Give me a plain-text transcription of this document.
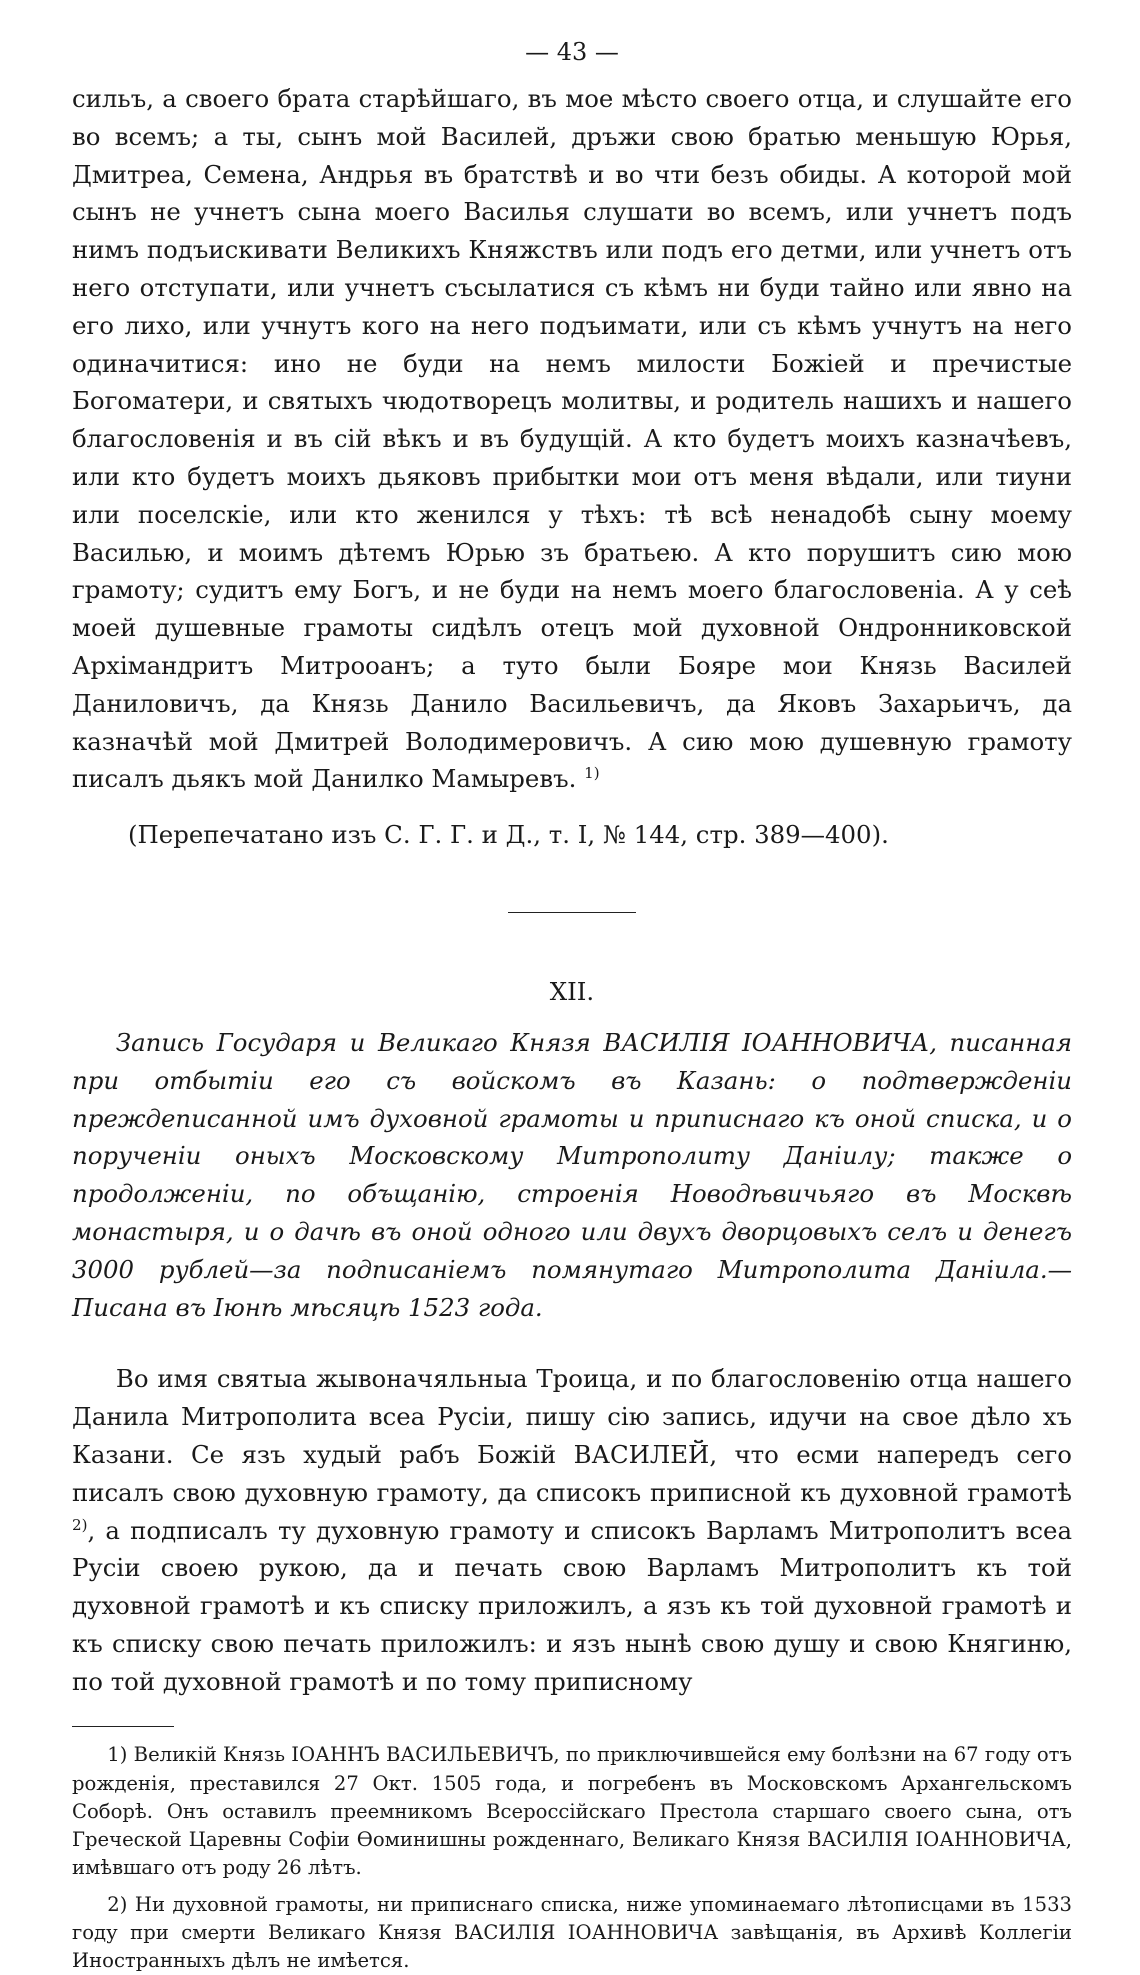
— 43 —

сильъ, а своего брата старѣйшаго, въ мое мѣсто своего отца, и слушайте его во всемъ; а ты, сынъ мой Василей, дръжи свою братью меньшую Юрья, Дмитреа, Семена, Андрья въ братствѣ и во чти безъ обиды. А которой мой сынъ не учнетъ сына моего Василья слушати во всемъ, или учнетъ подъ нимъ подъискивати Великихъ Княжствъ или подъ его детми, или учнетъ отъ него отступати, или учнетъ съсылатися съ кѣмъ ни буди тайно или явно на его лихо, или учнутъ кого на него подъимати, или съ кѣмъ учнутъ на него одиначитися: ино не буди на немъ милости Божіей и пречистые Богоматери, и святыхъ чюдотворецъ молитвы, и родитель нашихъ и нашего благословенія и въ сій вѣкъ и въ будущій. А кто будетъ моихъ казначѣевъ, или кто будетъ моихъ дьяковъ прибытки мои отъ меня вѣдали, или тиуни или поселскіе, или кто женился у тѣхъ: тѣ всѣ ненадобѣ сыну моему Василью, и моимъ дѣтемъ Юрью зъ братьею. А кто порушитъ сию мою грамоту; судитъ ему Богъ, и не буди на немъ моего благословеніа. А у сеѣ моей душевные грамоты сидѣлъ отецъ мой духовной Ондронниковской Архімандритъ Митрооанъ; а туто были Бояре мои Князь Василей Даниловичъ, да Князь Данило Васильевичъ, да Яковъ Захарьичъ, да казначѣй мой Дмитрей Володимеровичъ. А сию мою душевную грамоту писалъ дьякъ мой Данилко Мамыревъ. $^{1)}$

(Перепечатано изъ С. Г. Г. и Д., т. I, № 144, стр. 389—400).
XII.

Запись Государя и Великаго Князя ВАСИЛІЯ ІОАННОВИЧА, писанная при отбытіи его съ войскомъ въ Казань: о подтвержденіи преждеписанной имъ духовной грамоты и приписнаго къ оной списка, и о порученіи оныхъ Московскому Митрополиту Даніилу; также о продолженіи, по объщанію, строенія Новодѣвичьяго въ Москвѣ монастыря, и о дачѣ въ оной одного или двухъ дворцовыхъ селъ и денегъ 3000 рублей—за подписаніемъ помянутаго Митрополита Даніила.—Писана въ Іюнѣ мѣсяцѣ 1523 года.

Во имя святыа жывоначяльныа Троица, и по благословенію отца нашего Данила Митрополита всеа Русіи, пишу сію запись, идучи на свое дѣло хъ Казани. Се язъ худый рабъ Божій ВАСИЛЕЙ, что есми напередъ сего писалъ свою духовную грамоту, да списокъ приписной къ духовной грамотѣ $^{2)}$, а подписалъ ту духовную грамоту и списокъ Варламъ Митрополитъ всеа Русіи своею рукою, да и печать свою Варламъ Митрополитъ къ той духовной грамотѣ и къ списку приложилъ, а язъ къ той духовной грамотѣ и къ списку свою печать приложилъ: и язъ нынѣ свою душу и свою Княгиню, по той духовной грамотѣ и по тому приписному

1) Великій Князь ІОАННЪ ВАСИЛЬЕВИЧЪ, по приключившейся ему болѣзни на 67 году отъ рожденія, преставился 27 Окт. 1505 года, и погребенъ въ Московскомъ Архангельскомъ Соборѣ. Онъ оставилъ преемникомъ Всероссійскаго Престола старшаго своего сына, отъ Греческой Царевны Софіи Ѳоминишны рожденнаго, Великаго Князя ВАСИЛІЯ ІОАННОВИЧА, имѣвшаго отъ роду 26 лѣтъ.

2) Ни духовной грамоты, ни приписнаго списка, ниже упоминаемаго лѣтописцами въ 1533 году при смерти Великаго Князя ВАСИЛІЯ ІОАННОВИЧА завѣщанія, въ Архивѣ Коллегіи Иностранныхъ дѣлъ не имѣется.
